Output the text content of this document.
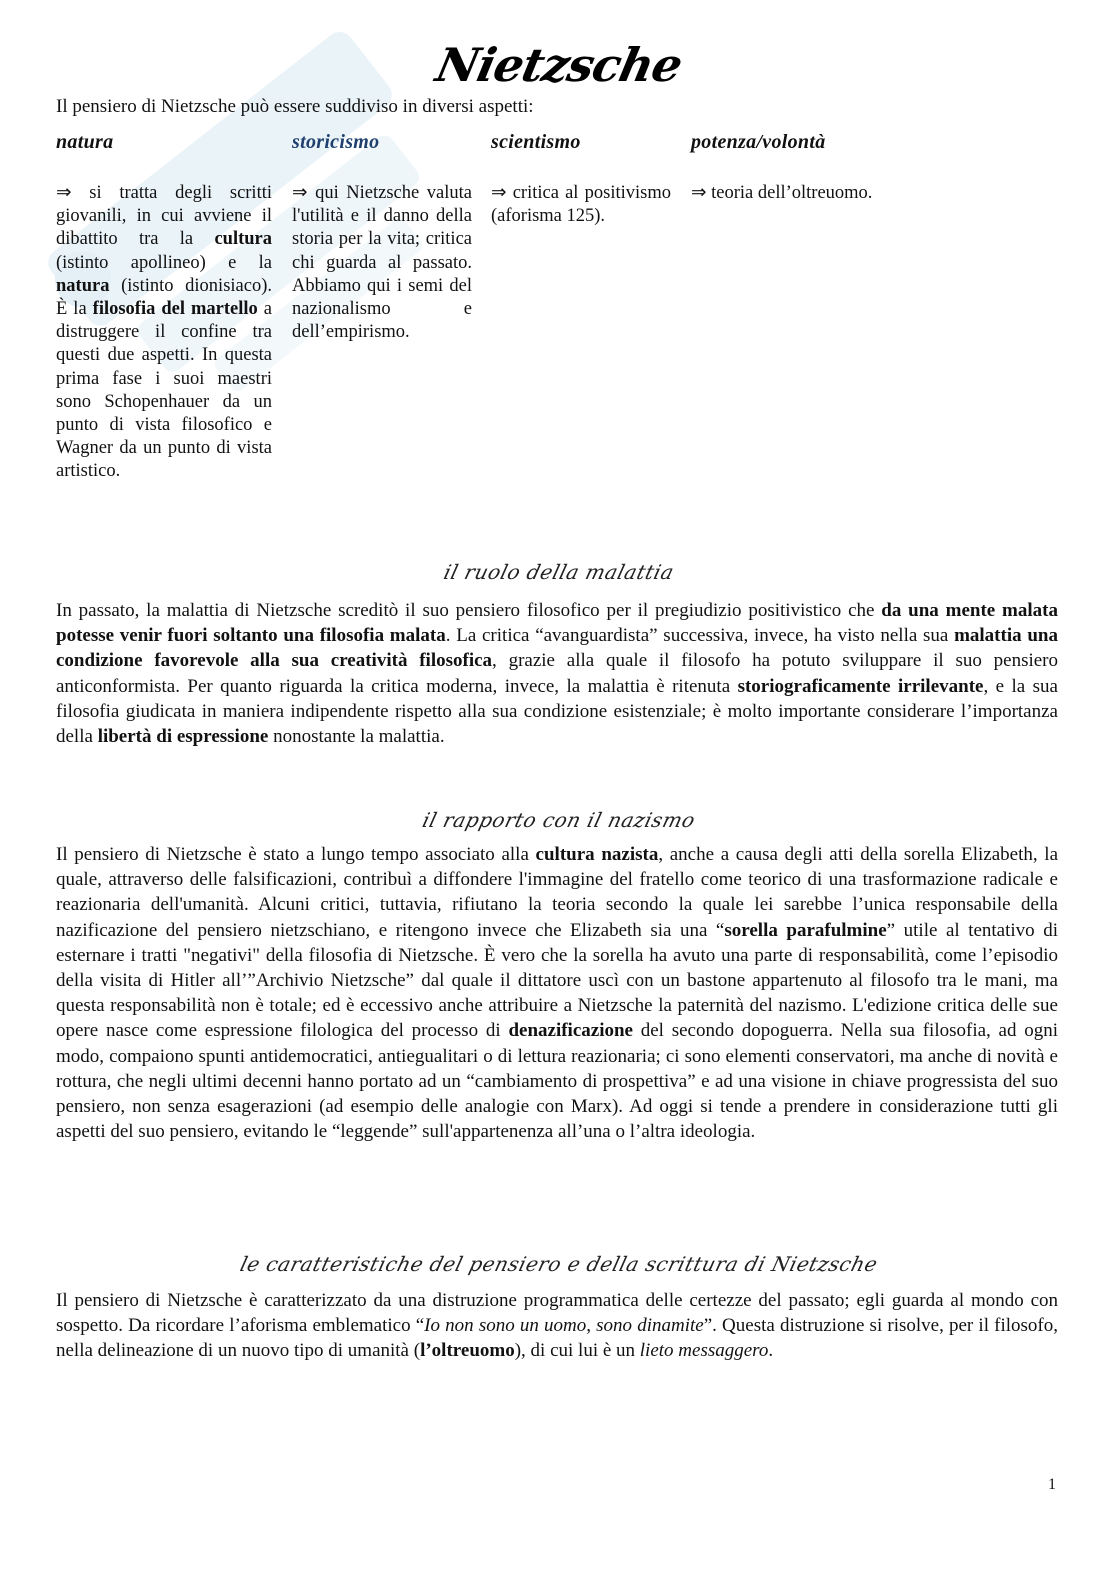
Nietzsche
Il pensiero di Nietzsche può essere suddiviso in diversi aspetti:
natura
⇒ si tratta degli scritti giovanili, in cui avviene il dibattito tra la cultura (istinto apollineo) e la natura (istinto dionisiaco). È la filosofia del martello a distruggere il confine tra questi due aspetti. In questa prima fase i suoi maestri sono Schopenhauer da un punto di vista filosofico e Wagner da un punto di vista artistico.
storicismo
⇒ qui Nietzsche valuta l'utilità e il danno della storia per la vita; critica chi guarda al passato. Abbiamo qui i semi del nazionalismo e dell’empirismo.
scientismo
⇒ critica al positivismo (aforisma 125).
potenza/volontà
⇒ teoria dell’oltreuomo.
il ruolo della malattia
In passato, la malattia di Nietzsche screditò il suo pensiero filosofico per il pregiudizio positivistico che da una mente malata potesse venir fuori soltanto una filosofia malata. La critica “avanguardista” successiva, invece, ha visto nella sua malattia una condizione favorevole alla sua creatività filosofica, grazie alla quale il filosofo ha potuto sviluppare il suo pensiero anticonformista. Per quanto riguarda la critica moderna, invece, la malattia è ritenuta storiograficamente irrilevante, e la sua filosofia giudicata in maniera indipendente rispetto alla sua condizione esistenziale; è molto importante considerare l’importanza della libertà di espressione nonostante la malattia.
il rapporto con il nazismo
Il pensiero di Nietzsche è stato a lungo tempo associato alla cultura nazista, anche a causa degli atti della sorella Elizabeth, la quale, attraverso delle falsificazioni, contribuì a diffondere l'immagine del fratello come teorico di una trasformazione radicale e reazionaria dell'umanità. Alcuni critici, tuttavia, rifiutano la teoria secondo la quale lei sarebbe l’unica responsabile della nazificazione del pensiero nietzschiano, e ritengono invece che Elizabeth sia una “sorella parafulmine” utile al tentativo di esternare i tratti "negativi" della filosofia di Nietzsche. È vero che la sorella ha avuto una parte di responsabilità, come l’episodio della visita di Hitler all’”Archivio Nietzsche” dal quale il dittatore uscì con un bastone appartenuto al filosofo tra le mani, ma questa responsabilità non è totale; ed è eccessivo anche attribuire a Nietzsche la paternità del nazismo. L'edizione critica delle sue opere nasce come espressione filologica del processo di denazificazione del secondo dopoguerra. Nella sua filosofia, ad ogni modo, compaiono spunti antidemocratici, antiegualitari o di lettura reazionaria; ci sono elementi conservatori, ma anche di novità e rottura, che negli ultimi decenni hanno portato ad un “cambiamento di prospettiva” e ad una visione in chiave progressista del suo pensiero, non senza esagerazioni (ad esempio delle analogie con Marx). Ad oggi si tende a prendere in considerazione tutti gli aspetti del suo pensiero, evitando le “leggende” sull'appartenenza all’una o l’altra ideologia.
le caratteristiche del pensiero e della scrittura di Nietzsche
Il pensiero di Nietzsche è caratterizzato da una distruzione programmatica delle certezze del passato; egli guarda al mondo con sospetto. Da ricordare l’aforisma emblematico “Io non sono un uomo, sono dinamite”. Questa distruzione si risolve, per il filosofo, nella delineazione di un nuovo tipo di umanità (l’oltreuomo), di cui lui è un lieto messaggero.
1
